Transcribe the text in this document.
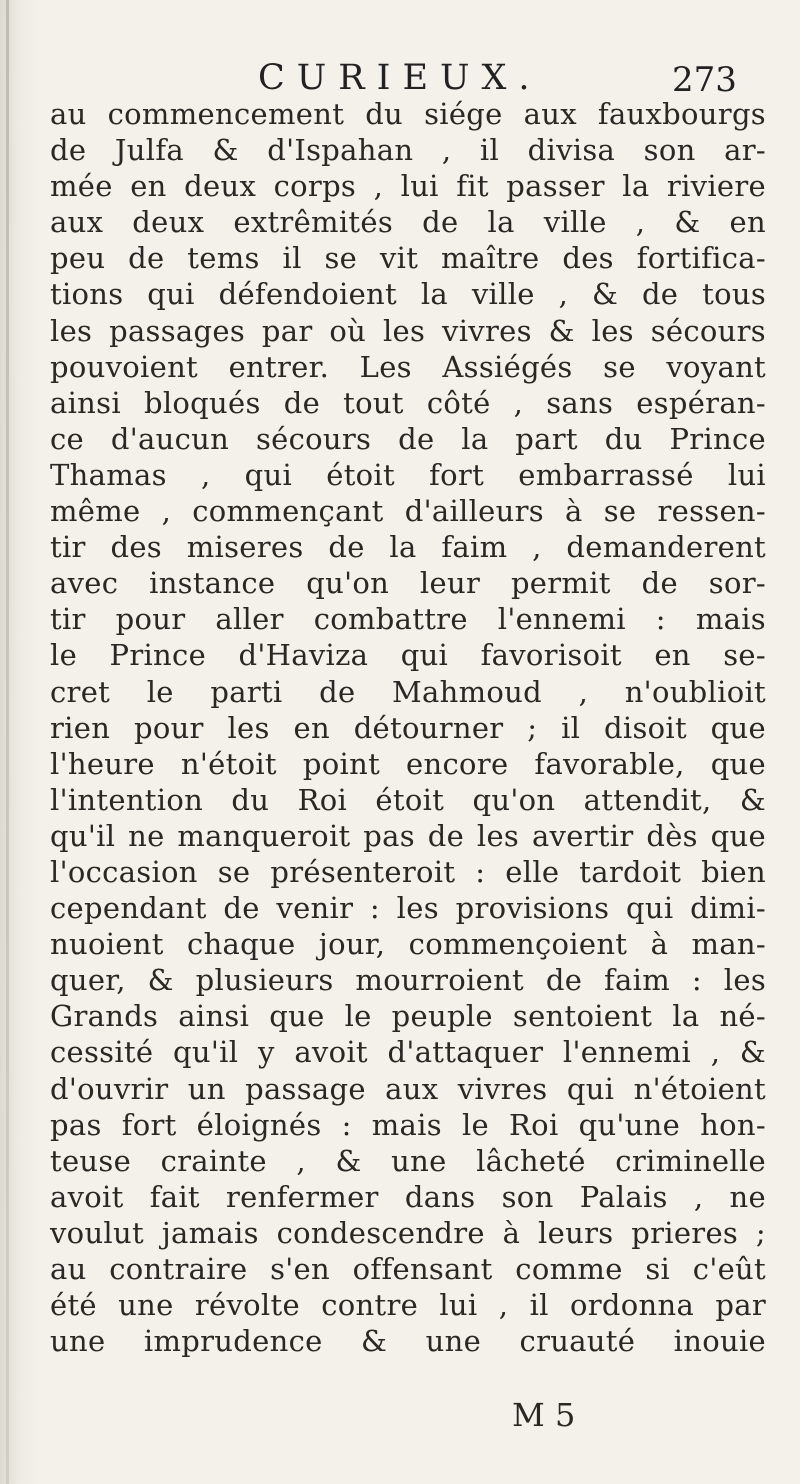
CURIEUX.	273
au commencement du siége aux fauxbourgs
de Julfa & d'Ispahan , il divisa son ar-
mée en deux corps , lui fit passer la riviere
aux deux extrêmités de la ville , & en
peu de tems il se vit maître des fortifica-
tions qui défendoient la ville , & de tous
les passages par où les vivres & les sécours
pouvoient entrer. Les Assiégés se voyant
ainsi bloqués de tout côté , sans espéran-
ce d'aucun sécours de la part du Prince
Thamas , qui étoit fort embarrassé lui
même , commençant d'ailleurs à se ressen-
tir des miseres de la faim , demanderent
avec instance qu'on leur permit de sor-
tir pour aller combattre l'ennemi : mais
le Prince d'Haviza qui favorisoit en se-
cret le parti de Mahmoud , n'oublioit
rien pour les en détourner ; il disoit que
l'heure n'étoit point encore favorable, que
l'intention du Roi étoit qu'on attendit, &
qu'il ne manqueroit pas de les avertir dès que
l'occasion se présenteroit : elle tardoit bien
cependant de venir : les provisions qui dimi-
nuoient chaque jour, commençoient à man-
quer, & plusieurs mourroient de faim : les
Grands ainsi que le peuple sentoient la né-
cessité qu'il y avoit d'attaquer l'ennemi , &
d'ouvrir un passage aux vivres qui n'étoient
pas fort éloignés : mais le Roi qu'une hon-
teuse crainte , & une lâcheté criminelle
avoit fait renfermer dans son Palais , ne
voulut jamais condescendre à leurs prieres ;
au contraire s'en offensant comme si c'eût
été une révolte contre lui , il ordonna par
une imprudence & une cruauté inouie
M 5
